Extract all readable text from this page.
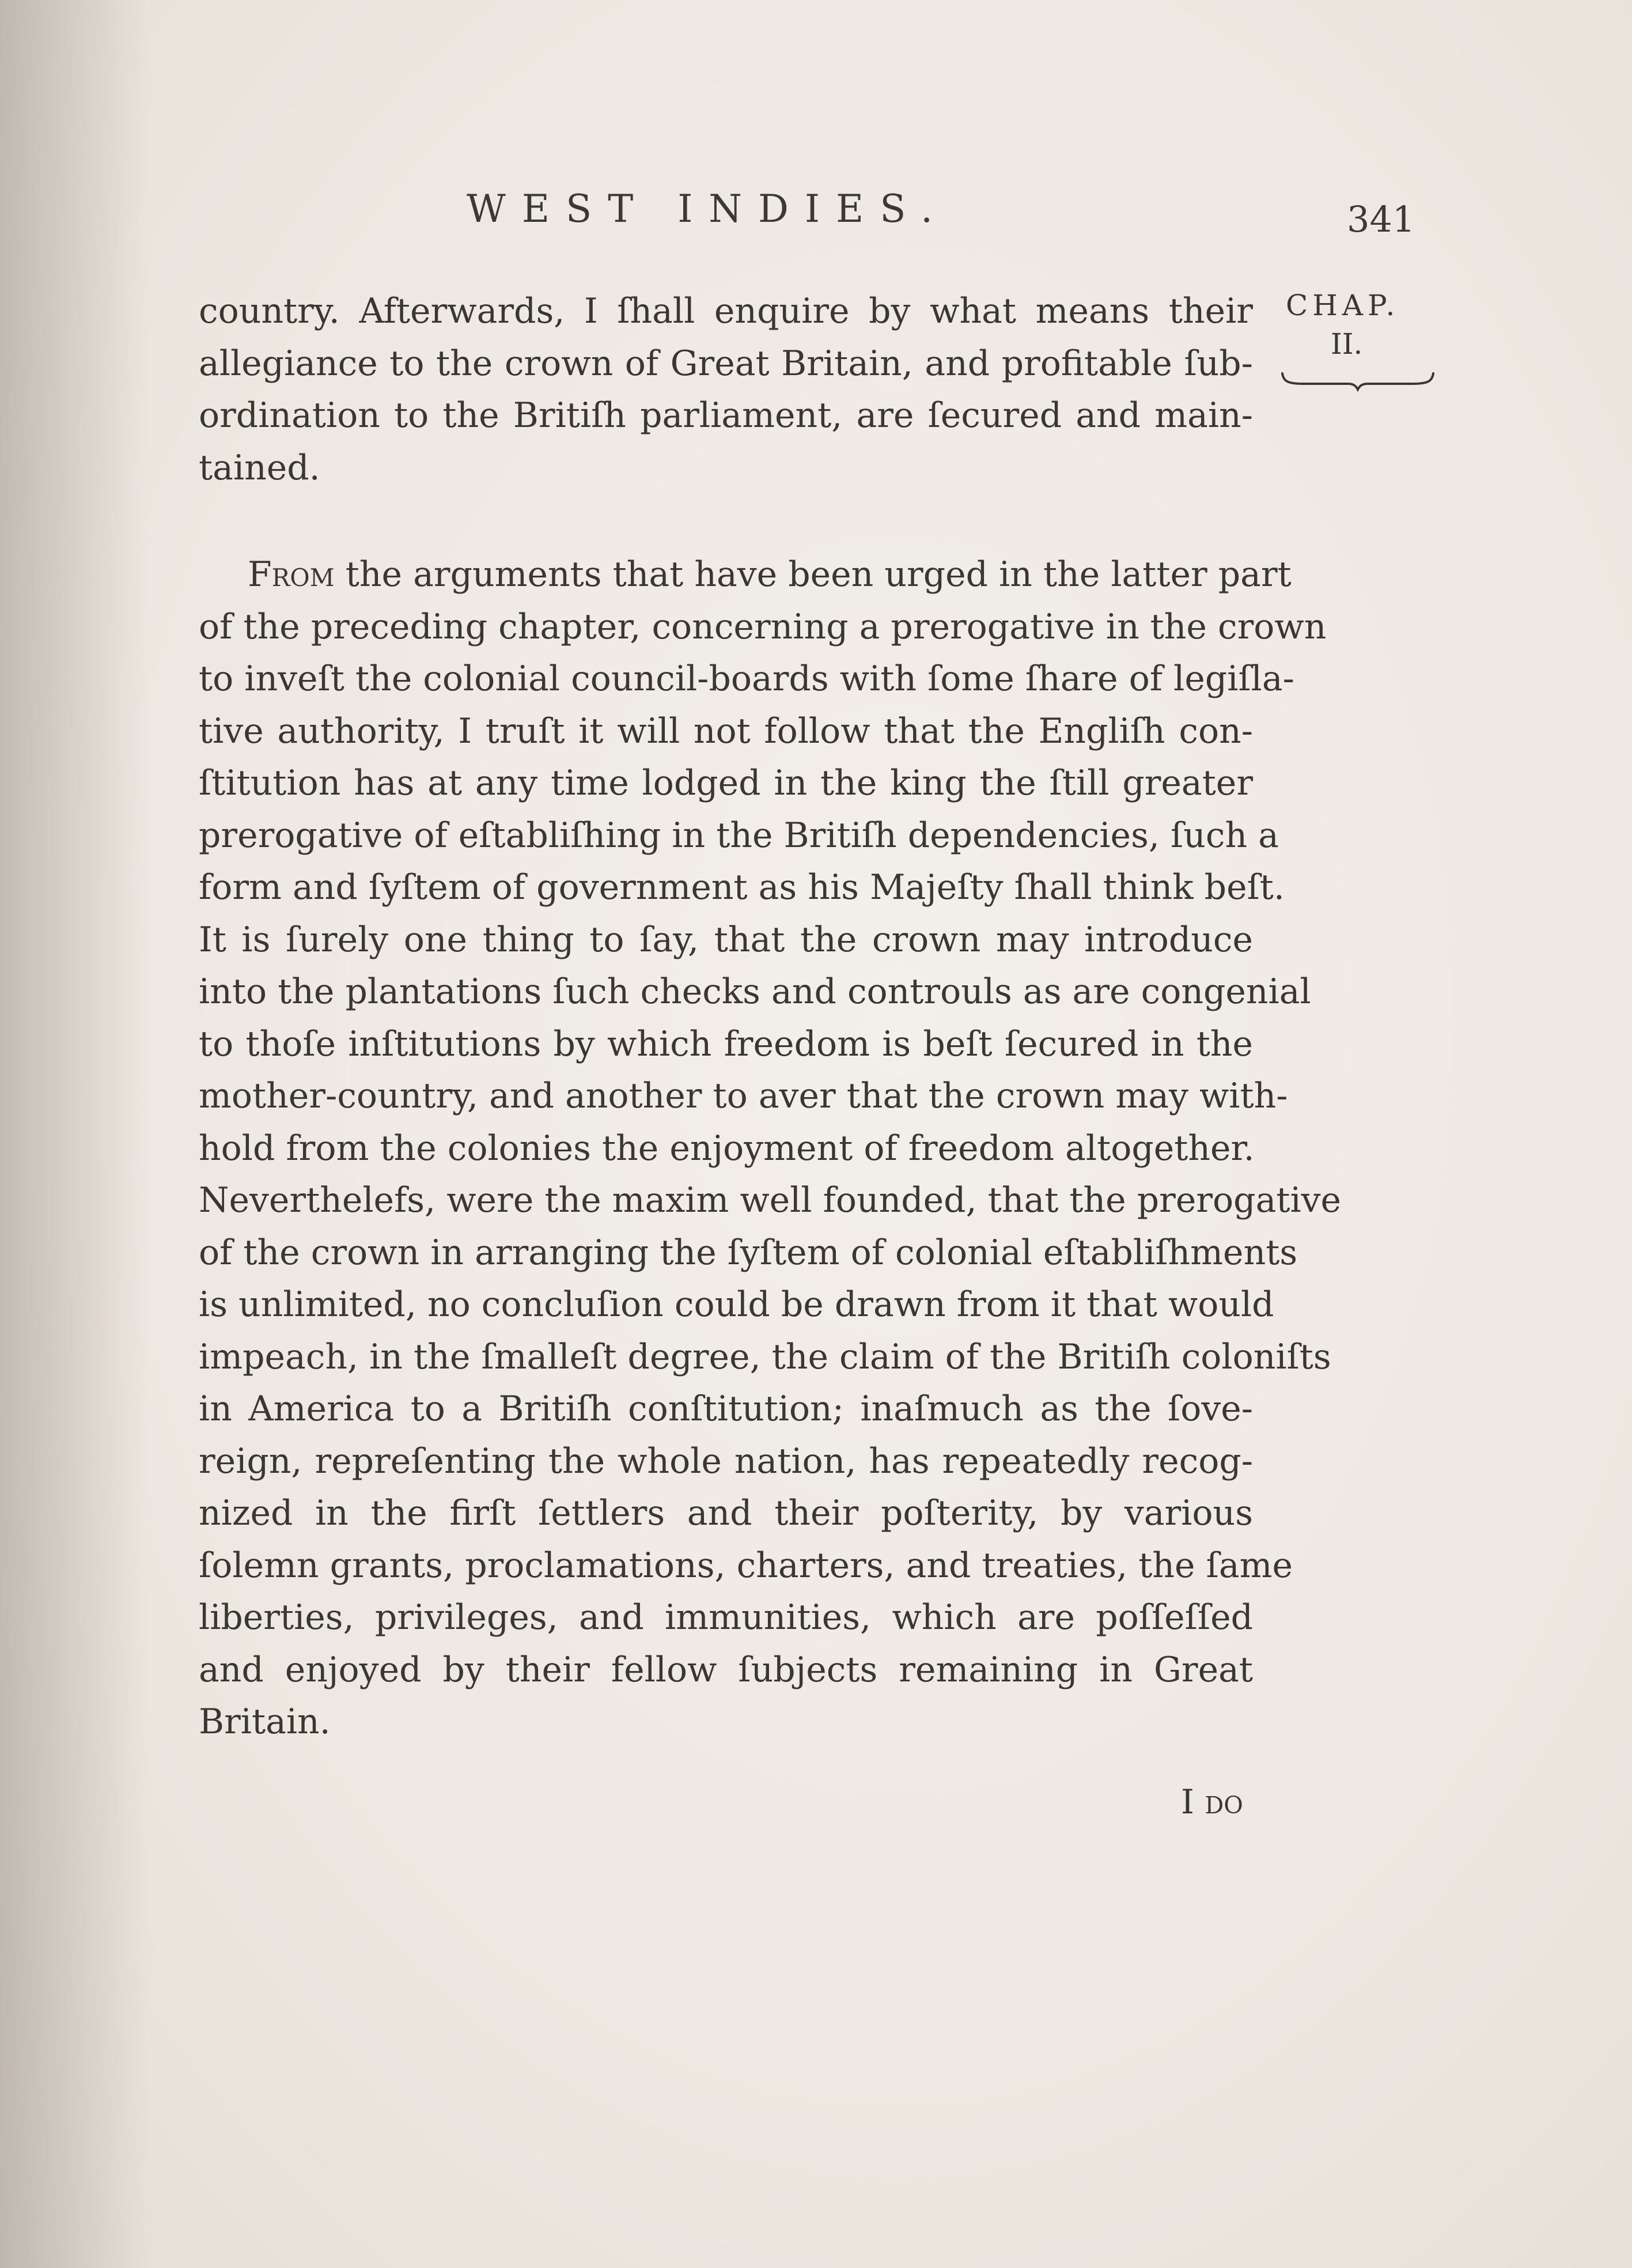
WEST INDIES.	341
CHAP.
II.
country. Afterwards, I ſhall enquire by what means their
allegiance to the crown of Great Britain, and profitable ſub-
ordination to the Britiſh parliament, are ſecured and main-
tained.
From the arguments that have been urged in the latter part
of the preceding chapter, concerning a prerogative in the crown
to inveſt the colonial council-boards with ſome ſhare of legiſla-
tive authority, I truſt it will not follow that the Engliſh con-
ſtitution has at any time lodged in the king the ſtill greater
prerogative of eſtabliſhing in the Britiſh dependencies, ſuch a
form and ſyſtem of government as his Majeſty ſhall think beſt.
It is ſurely one thing to ſay, that the crown may introduce
into the plantations ſuch checks and controuls as are congenial
to thoſe inſtitutions by which freedom is beſt ſecured in the
mother-country, and another to aver that the crown may with-
hold from the colonies the enjoyment of freedom altogether.
Neverthelefs, were the maxim well founded, that the prerogative
of the crown in arranging the ſyſtem of colonial eſtabliſhments
is unlimited, no concluſion could be drawn from it that would
impeach, in the ſmalleſt degree, the claim of the Britiſh coloniſts
in America to a Britiſh conſtitution; inaſmuch as the ſove-
reign, repreſenting the whole nation, has repeatedly recog-
nized in the firſt ſettlers and their poſterity, by various
ſolemn grants, proclamations, charters, and treaties, the ſame
liberties, privileges, and immunities, which are poſſeſſed
and enjoyed by their fellow ſubjects remaining in Great
Britain.
I do
